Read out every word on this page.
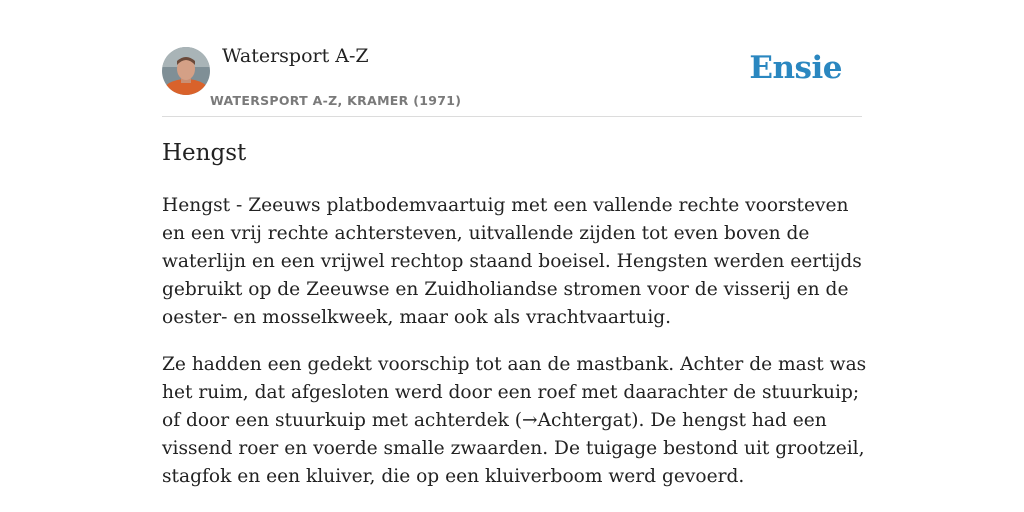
Watersport A-Z
WATERSPORT A-Z, KRAMER (1971)
Ensie
Hengst

Hengst - Zeeuws platbodemvaartuig met een vallende rechte voorsteven en een vrij rechte achtersteven, uitvallende zijden tot even boven de waterlijn en een vrijwel rechtop staand boeisel. Hengsten werden eertijds gebruikt op de Zeeuwse en Zuidholiandse stromen voor de visserij en de oester- en mosselkweek, maar ook als vrachtvaartuig.

Ze hadden een gedekt voorschip tot aan de mastbank. Achter de mast was het ruim, dat afgesloten werd door een roef met daarachter de stuurkuip; of door een stuurkuip met achterdek (→Achtergat). De hengst had een vissend roer en voerde smalle zwaarden. De tuigage bestond uit grootzeil, stagfok en een kluiver, die op een kluiverboom werd gevoerd.
